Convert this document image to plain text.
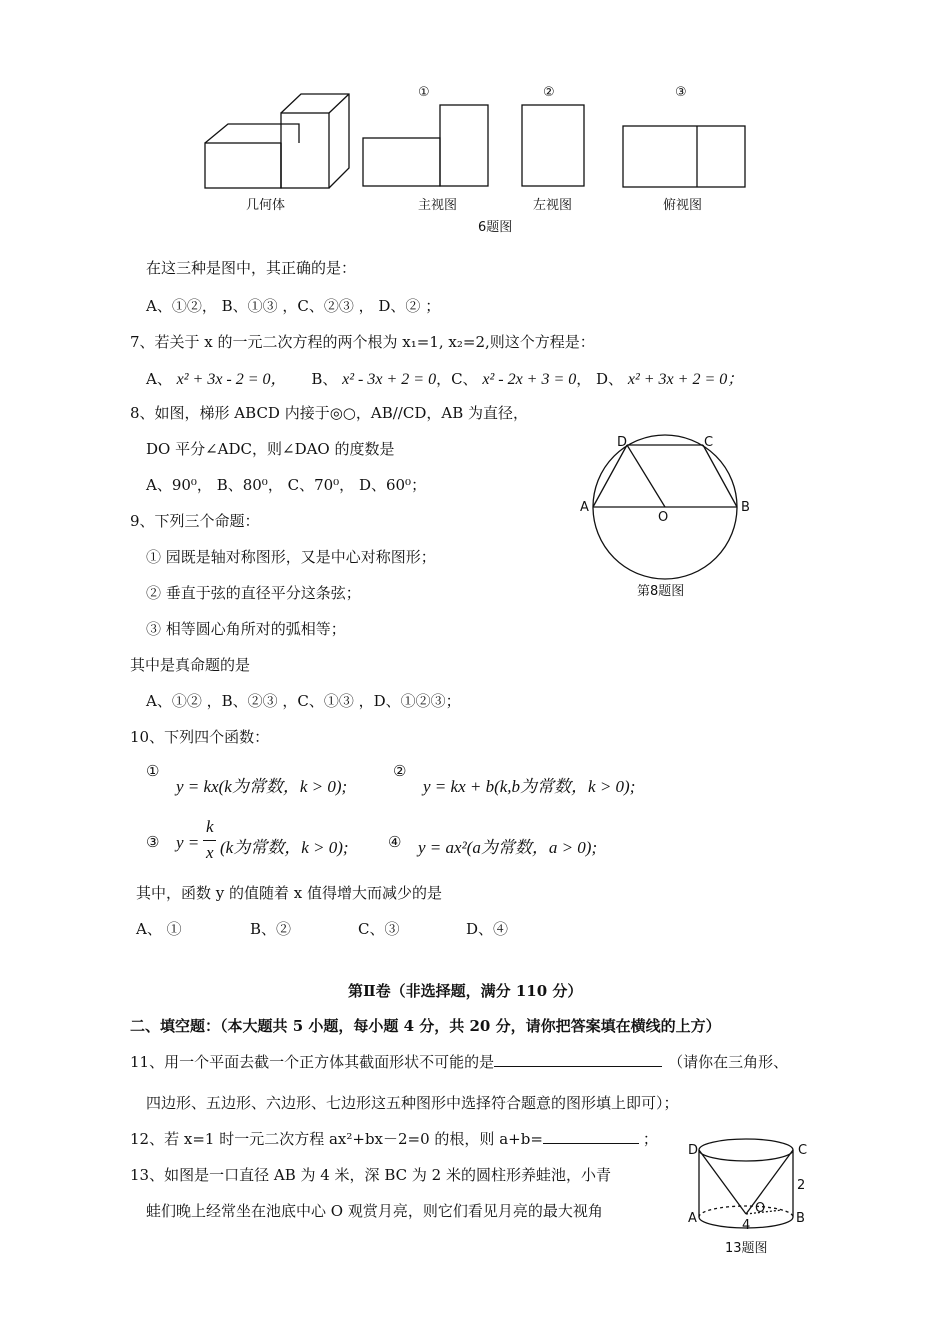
①	②	③
几何体	主视图	左视图	俯视图
6题图
在这三种是图中，其正确的是：
A、①②， B、①③ ，C、②③ ， D、② ；
7、若关于 x 的一元二次方程的两个根为 x₁=1, x₂=2,则这个方程是：
A、 x² + 3x - 2 = 0， B、 x² - 3x + 2 = 0，C、 x² - 2x + 3 = 0， D、 x² + 3x + 2 = 0；
8、如图，梯形 ABCD 内接于◎○，AB//CD，AB 为直径，
DO 平分∠ADC，则∠DAO 的度数是
A、90⁰， B、80⁰， C、70⁰， D、60⁰；
D	C
A
O
B
第8题图
9、下列三个命题：
① 园既是轴对称图形，又是中心对称图形；
② 垂直于弦的直径平分这条弦；
③ 相等圆心角所对的弧相等；
其中是真命题的是
A、①② ，B、②③ ，C、①③ ，D、①②③；
10、下列四个函数：
①
y = kx(k为常数，k > 0);
②
y = kx + b(k,b为常数，k > 0);
③ y =
k
x (k为常数，k > 0);	④ y = ax²(a为常数，a > 0);
其中，函数 y 的值随着 x 值得增大而减少的是
A、 ①	B、②	C、③	D、④
第Ⅱ卷（非选择题，满分 110 分）
二、填空题：（本大题共 5 小题，每小题 4 分，共 20 分，请你把答案填在横线的上方）
11、用一个平面去截一个正方体其截面形状不可能的是	（请你在三角形、
四边形、五边形、六边形、七边形这五种图形中选择符合题意的图形填上即可）；
12、若 x=1 时一元二次方程 ax²+bx－2=0 的根，则 a+b=	；
13、如图是一口直径 AB 为 4 米，深 BC 为 2 米的圆柱形养蛙池，小青
蛙们晚上经常坐在池底中心 O 观赏月亮，则它们看见月亮的最大视角
D	C
2
A
O
4	B
13题图
